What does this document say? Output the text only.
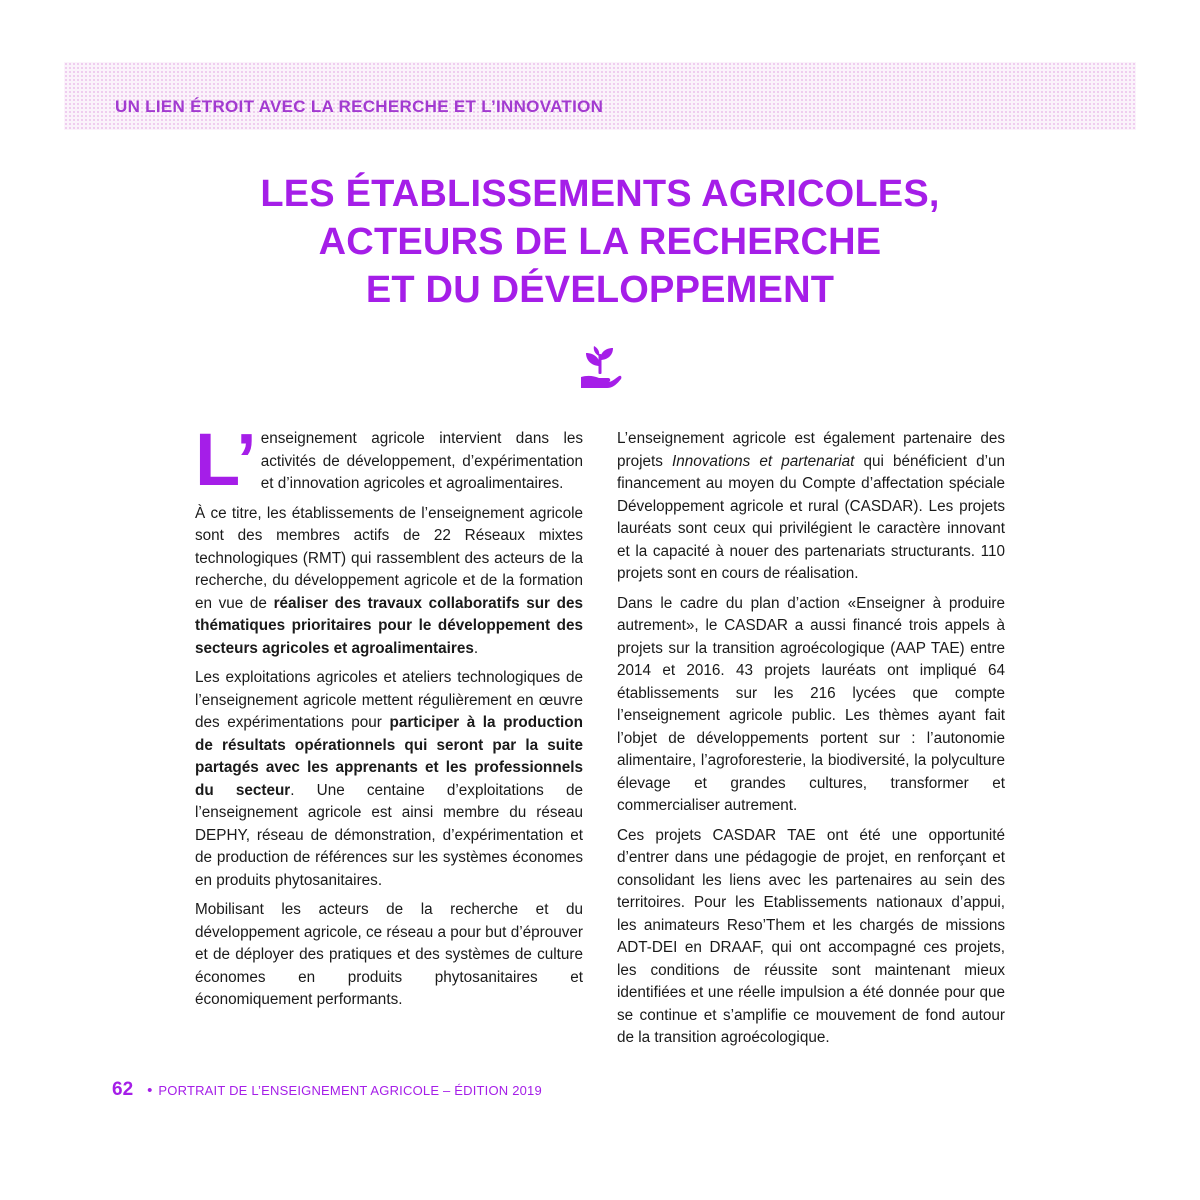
UN LIEN ÉTROIT AVEC LA RECHERCHE ET L’INNOVATION
LES ÉTABLISSEMENTS AGRICOLES,
ACTEURS DE LA RECHERCHE
ET DU DÉVELOPPEMENT

L’ enseignement agricole intervient dans les activités de développement, d’expérimentation et d’innovation agricoles et agroalimentaires.

À ce titre, les établissements de l’enseignement agricole sont des membres actifs de 22 Réseaux mixtes technologiques (RMT) qui rassemblent des acteurs de la recherche, du développement agricole et de la formation en vue de réaliser des travaux collaboratifs sur des thématiques prioritaires pour le développement des secteurs agricoles et agroalimentaires.

Les exploitations agricoles et ateliers technologiques de l’enseignement agricole mettent régulièrement en œuvre des expérimentations pour participer à la production de résultats opérationnels qui seront par la suite partagés avec les apprenants et les professionnels du secteur. Une centaine d’exploitations de l’enseignement agricole est ainsi membre du réseau DEPHY, réseau de démonstration, d’expérimentation et de production de références sur les systèmes économes en produits phytosanitaires.

Mobilisant les acteurs de la recherche et du développement agricole, ce réseau a pour but d’éprouver et de déployer des pratiques et des systèmes de culture économes en produits phytosanitaires et économiquement performants.

L’enseignement agricole est également partenaire des projets Innovations et partenariat qui bénéficient d’un financement au moyen du Compte d’affectation spéciale Développement agricole et rural (CASDAR). Les projets lauréats sont ceux qui privilégient le caractère innovant et la capacité à nouer des partenariats structurants. 110 projets sont en cours de réalisation.

Dans le cadre du plan d’action «Enseigner à produire autrement», le CASDAR a aussi financé trois appels à projets sur la transition agroécologique (AAP TAE) entre 2014 et 2016. 43 projets lauréats ont impliqué 64 établissements sur les 216 lycées que compte l’enseignement agricole public. Les thèmes ayant fait l’objet de développements portent sur : l’autonomie alimentaire, l’agroforesterie, la biodiversité, la polyculture élevage et grandes cultures, transformer et commercialiser autrement.

Ces projets CASDAR TAE ont été une opportunité d’entrer dans une pédagogie de projet, en renforçant et consolidant les liens avec les partenaires au sein des territoires. Pour les Etablissements nationaux d’appui, les animateurs Reso’Them et les chargés de missions ADT-DEI en DRAAF, qui ont accompagné ces projets, les conditions de réussite sont maintenant mieux identifiées et une réelle impulsion a été donnée pour que se continue et s’amplifie ce mouvement de fond autour de la transition agroécologique.

62 • PORTRAIT DE L’ENSEIGNEMENT AGRICOLE – ÉDITION 2019
